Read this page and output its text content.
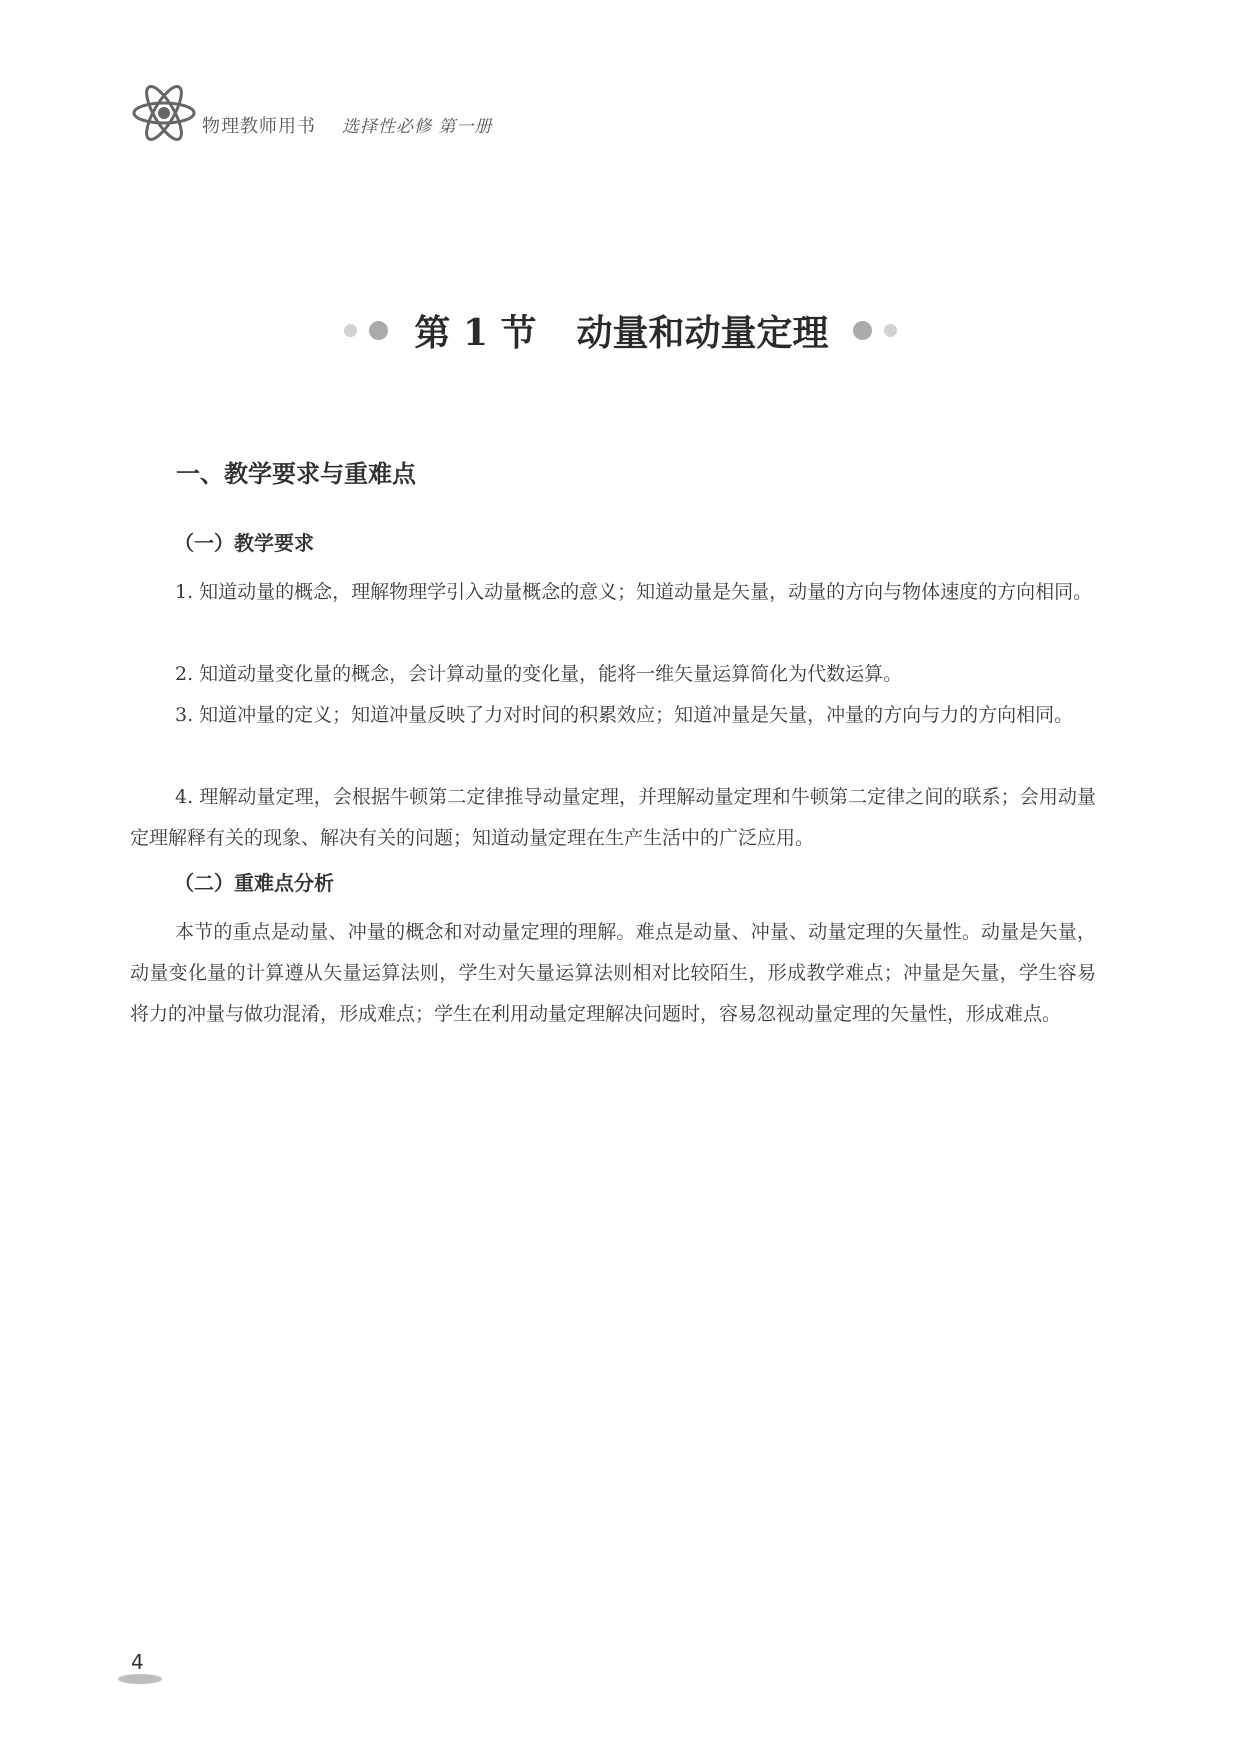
物理教师用书 选择性必修 第一册
第 1 节 动量和动量定理
一、教学要求与重难点
（一）教学要求

1. 知道动量的概念，理解物理学引入动量概念的意义；知道动量是矢量，动量的方向与物体速度的方向相同。

2. 知道动量变化量的概念，会计算动量的变化量，能将一维矢量运算简化为代数运算。

3. 知道冲量的定义；知道冲量反映了力对时间的积累效应；知道冲量是矢量，冲量的方向与力的方向相同。

4. 理解动量定理，会根据牛顿第二定律推导动量定理，并理解动量定理和牛顿第二定律之间的联系；会用动量定理解释有关的现象、解决有关的问题；知道动量定理在生产生活中的广泛应用。

（二）重难点分析

本节的重点是动量、冲量的概念和对动量定理的理解。难点是动量、冲量、动量定理的矢量性。动量是矢量，动量变化量的计算遵从矢量运算法则，学生对矢量运算法则相对比较陌生，形成教学难点；冲量是矢量，学生容易将力的冲量与做功混淆，形成难点；学生在利用动量定理解决问题时，容易忽视动量定理的矢量性，形成难点。

4
